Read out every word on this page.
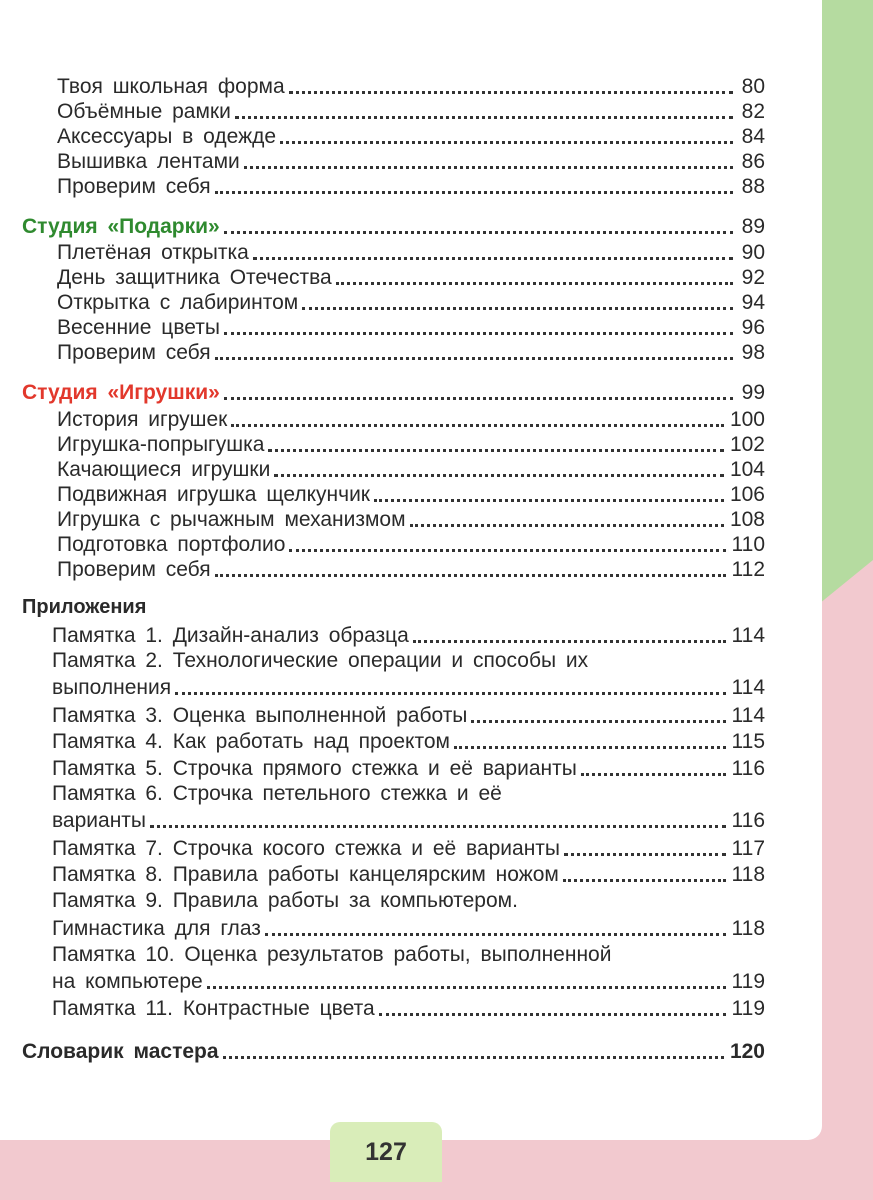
Твоя школьная форма	80
Объёмные рамки	82
Аксессуары в одежде	84
Вышивка лентами	86
Проверим себя	88
Студия «Подарки»	89
Плетёная открытка	90
День защитника Отечества	92
Открытка с лабиринтом	94
Весенние цветы	96
Проверим себя	98
Студия «Игрушки»	99
История игрушек	100
Игрушка-попрыгушка	102
Качающиеся игрушки	104
Подвижная игрушка щелкунчик	106
Игрушка с рычажным механизмом	108
Подготовка портфолио	110
Проверим себя	112
Приложения
Памятка 1. Дизайн-анализ образца	114
Памятка 2. Технологические операции и способы их
выполнения	114
Памятка 3. Оценка выполненной работы	114
Памятка 4. Как работать над проектом	115
Памятка 5. Строчка прямого стежка и её варианты	116
Памятка 6. Строчка петельного стежка и её
варианты	116
Памятка 7. Строчка косого стежка и её варианты	117
Памятка 8. Правила работы канцелярским ножом	118
Памятка 9. Правила работы за компьютером.
Гимнастика для глаз	118
Памятка 10. Оценка результатов работы, выполненной
на компьютере	119
Памятка 11. Контрастные цвета	119
Словарик мастера	120
127
